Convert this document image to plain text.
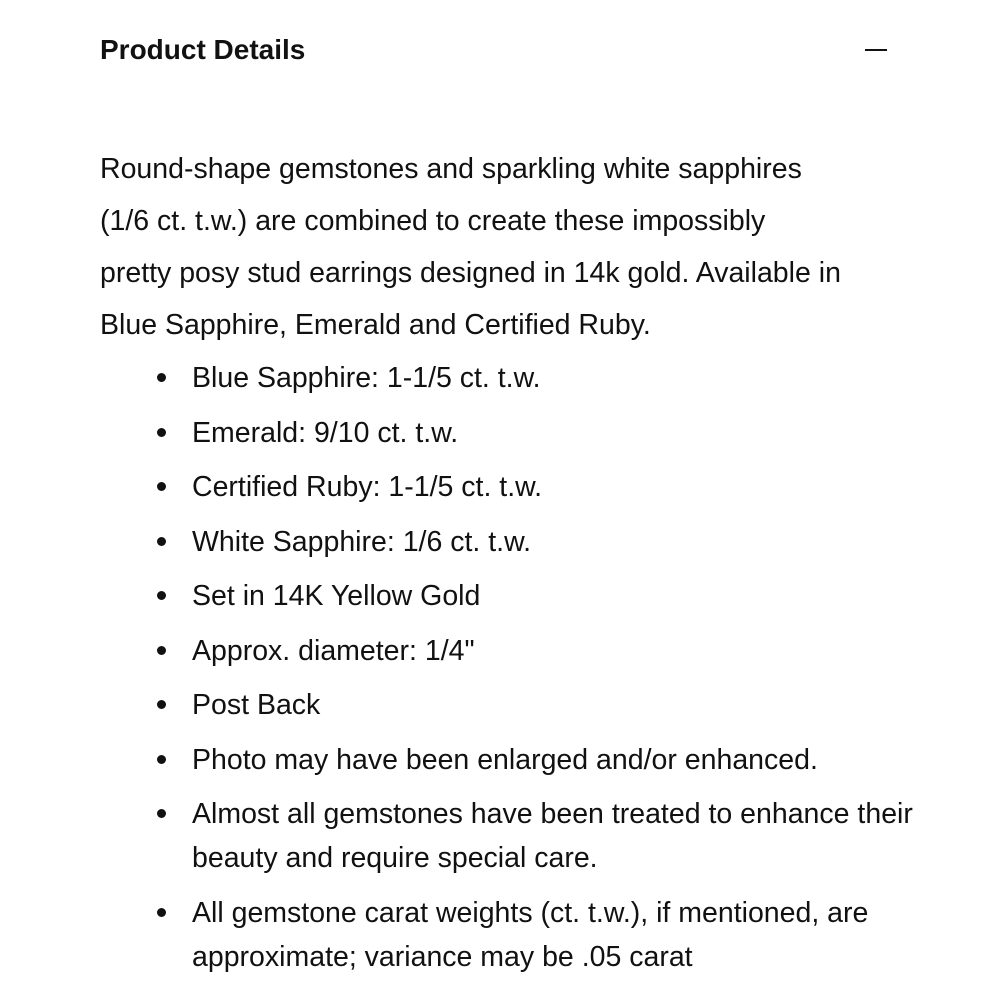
Product Details

Round-shape gemstones and sparkling white sapphires
(1/6 ct. t.w.) are combined to create these impossibly
pretty posy stud earrings designed in 14k gold. Available in
Blue Sapphire, Emerald and Certified Ruby.

Blue Sapphire: 1-1/5 ct. t.w.
Emerald: 9/10 ct. t.w.
Certified Ruby: 1-1/5 ct. t.w.
White Sapphire: 1/6 ct. t.w.
Set in 14K Yellow Gold
Approx. diameter: 1/4"
Post Back
Photo may have been enlarged and/or enhanced.
Almost all gemstones have been treated to enhance their beauty and require special care.
All gemstone carat weights (ct. t.w.), if mentioned, are approximate; variance may be .05 carat
